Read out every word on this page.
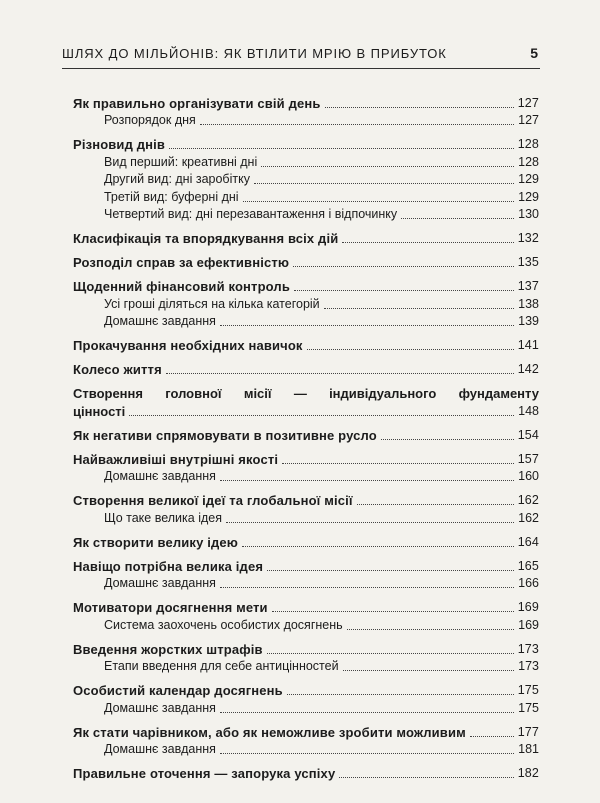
ШЛЯХ ДО МІЛЬЙОНІВ: ЯК ВТІЛИТИ МРІЮ В ПРИБУТОК	5
Як правильно організувати свій день	127
Розпорядок дня	127
Різновид днів	128
Вид перший: креативні дні	128
Другий вид: дні заробітку	129
Третій вид: буферні дні	129
Четвертий вид: дні перезавантаження і відпочинку	130
Класифікація та впорядкування всіх дій	132
Розподіл справ за ефективністю	135
Щоденний фінансовий контроль	137
Усі гроші діляться на кілька категорій	138
Домашнє завдання	139
Прокачування необхідних навичок	141
Колесо життя	142
Створення головної місії — індивідуального фундаменту
цінності	148
Як негативи спрямовувати в позитивне русло	154
Найважливіші внутрішні якості	157
Домашнє завдання	160
Створення великої ідеї та глобальної місії	162
Що таке велика ідея	162
Як створити велику ідею	164
Навіщо потрібна велика ідея	165
Домашнє завдання	166
Мотиватори досягнення мети	169
Система заохочень особистих досягнень	169
Введення жорстких штрафів	173
Етапи введення для себе антицінностей	173
Особистий календар досягнень	175
Домашнє завдання	175
Як стати чарівником, або як неможливе зробити можливим	177
Домашнє завдання	181
Правильне оточення — запорука успіху	182
